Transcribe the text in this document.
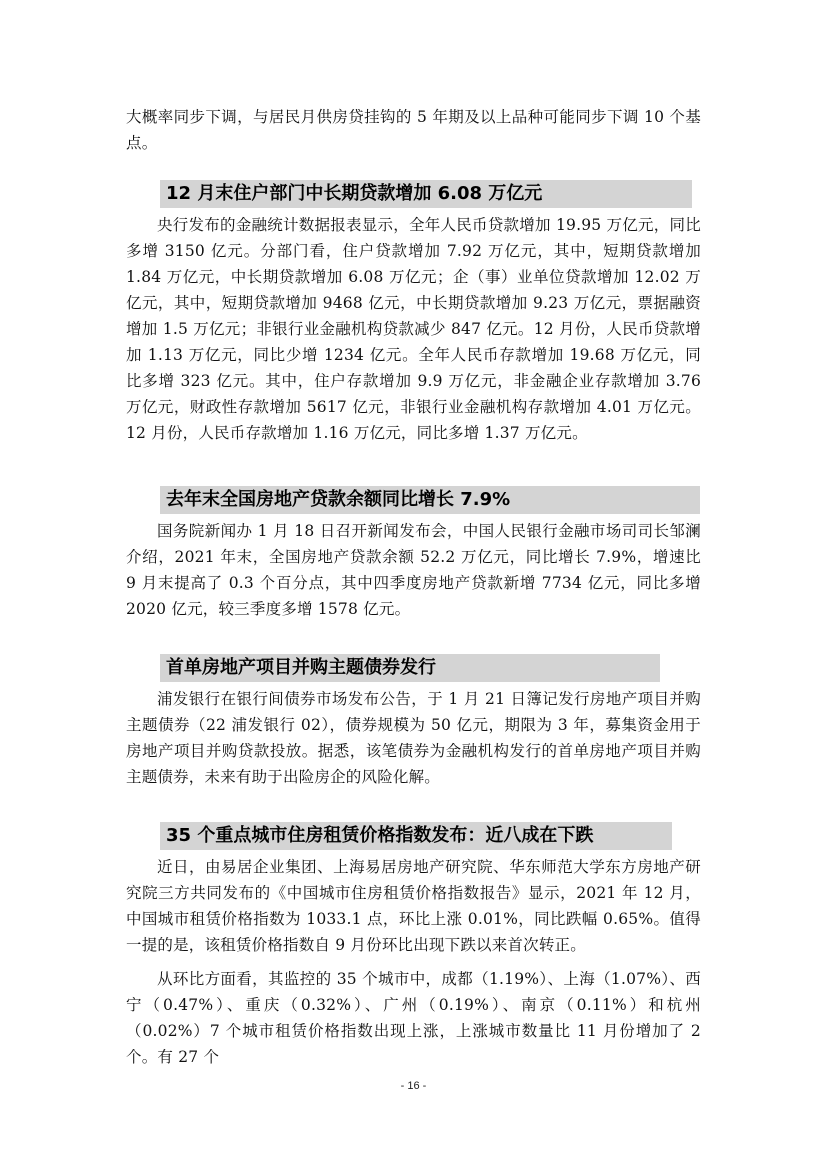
大概率同步下调，与居民月供房贷挂钩的 5 年期及以上品种可能同步下调 10 个基点。

12 月末住户部门中长期贷款增加 6.08 万亿元

央行发布的金融统计数据报表显示，全年人民币贷款增加 19.95 万亿元，同比多增 3150 亿元。分部门看，住户贷款增加 7.92 万亿元，其中，短期贷款增加 1.84 万亿元，中长期贷款增加 6.08 万亿元；企（事）业单位贷款增加 12.02 万亿元，其中，短期贷款增加 9468 亿元，中长期贷款增加 9.23 万亿元，票据融资增加 1.5 万亿元；非银行业金融机构贷款减少 847 亿元。12 月份，人民币贷款增加 1.13 万亿元，同比少增 1234 亿元。全年人民币存款增加 19.68 万亿元，同比多增 323 亿元。其中，住户存款增加 9.9 万亿元，非金融企业存款增加 3.76 万亿元，财政性存款增加 5617 亿元，非银行业金融机构存款增加 4.01 万亿元。12 月份，人民币存款增加 1.16 万亿元，同比多增 1.37 万亿元。

去年末全国房地产贷款余额同比增长 7.9%

国务院新闻办 1 月 18 日召开新闻发布会，中国人民银行金融市场司司长邹澜介绍，2021 年末，全国房地产贷款余额 52.2 万亿元，同比增长 7.9%，增速比 9 月末提高了 0.3 个百分点，其中四季度房地产贷款新增 7734 亿元，同比多增 2020 亿元，较三季度多增 1578 亿元。

首单房地产项目并购主题债券发行

浦发银行在银行间债券市场发布公告，于 1 月 21 日簿记发行房地产项目并购主题债券（22 浦发银行 02），债券规模为 50 亿元，期限为 3 年，募集资金用于房地产项目并购贷款投放。据悉，该笔债券为金融机构发行的首单房地产项目并购主题债券，未来有助于出险房企的风险化解。

35 个重点城市住房租赁价格指数发布：近八成在下跌

近日，由易居企业集团、上海易居房地产研究院、华东师范大学东方房地产研究院三方共同发布的《中国城市住房租赁价格指数报告》显示，2021 年 12 月，中国城市租赁价格指数为 1033.1 点，环比上涨 0.01%，同比跌幅 0.65%。值得一提的是，该租赁价格指数自 9 月份环比出现下跌以来首次转正。

从环比方面看，其监控的 35 个城市中，成都（1.19%）、上海（1.07%）、西宁（0.47%）、重庆（0.32%）、广州（0.19%）、南京（0.11%）和杭州（0.02%）7 个城市租赁价格指数出现上涨，上涨城市数量比 11 月份增加了 2 个。有 27 个

- 16 -
